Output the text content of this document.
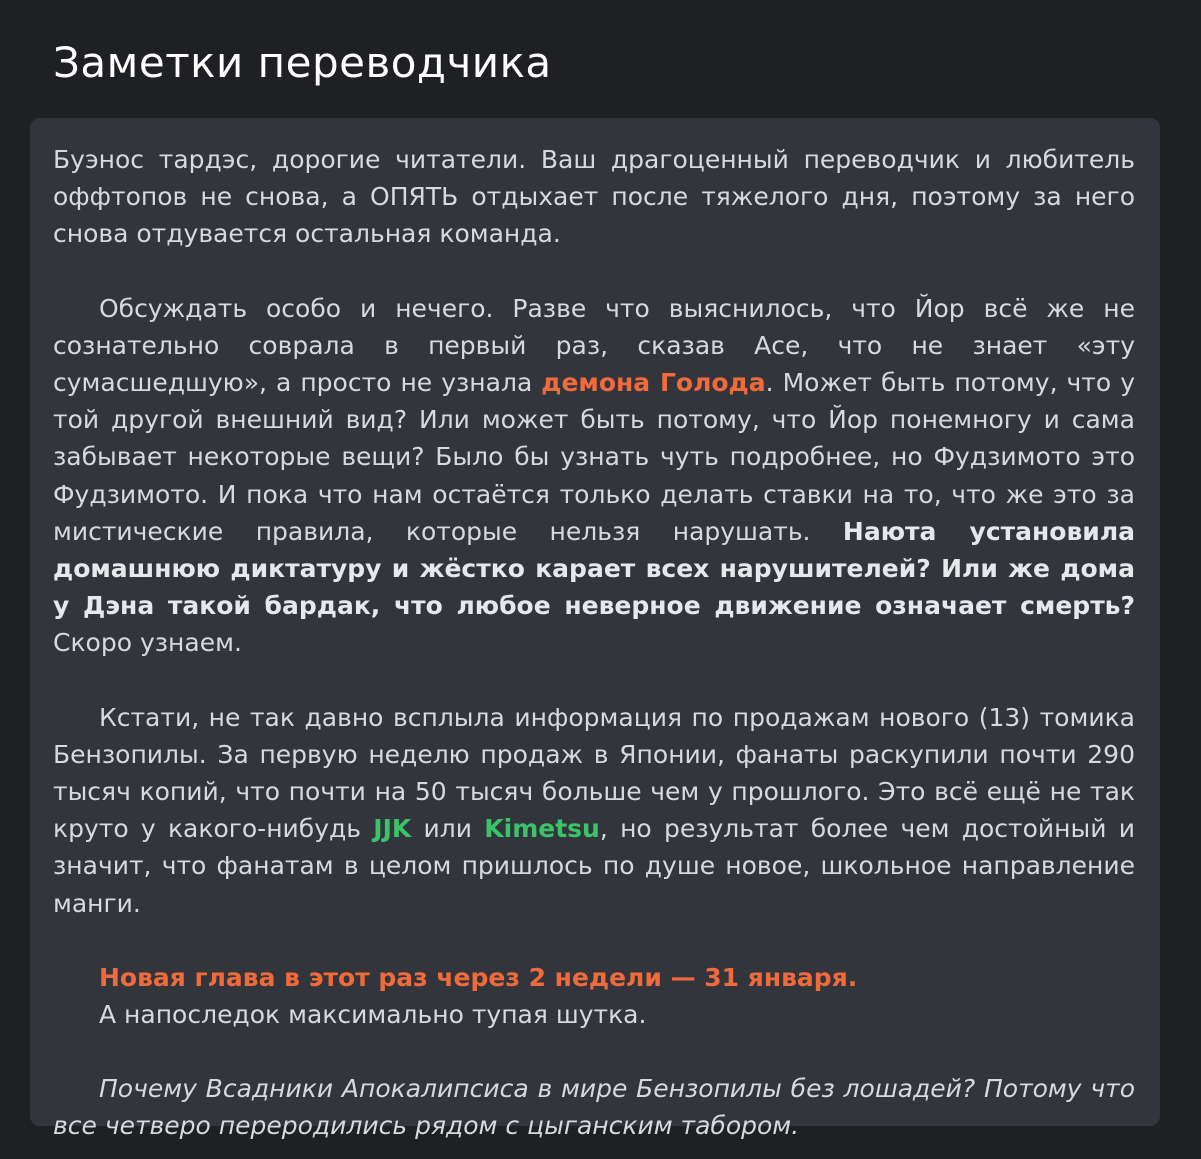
Заметки переводчика

Буэнос тардэс, дорогие читатели. Ваш драгоценный переводчик и любитель оффтопов не снова, а ОПЯТЬ отдыхает после тяжелого дня, поэтому за него снова отдувается остальная команда.

Обсуждать особо и нечего. Разве что выяснилось, что Йор всё же не сознательно соврала в первый раз, сказав Асе, что не знает «эту сумасшедшую», а просто не узнала демона Голода. Может быть потому, что у той другой внешний вид? Или может быть потому, что Йор понемногу и сама забывает некоторые вещи? Было бы узнать чуть подробнее, но Фудзимото это Фудзимото. И пока что нам остаётся только делать ставки на то, что же это за мистические правила, которые нельзя нарушать. Наюта установила домашнюю диктатуру и жёстко карает всех нарушителей? Или же дома у Дэна такой бардак, что любое неверное движение означает смерть? Скоро узнаем.

Кстати, не так давно всплыла информация по продажам нового (13) томика Бензопилы. За первую неделю продаж в Японии, фанаты раскупили почти 290 тысяч копий, что почти на 50 тысяч больше чем у прошлого. Это всё ещё не так круто у какого-нибудь JJK или Kimetsu, но результат более чем достойный и значит, что фанатам в целом пришлось по душе новое, школьное направление манги.

Новая глава в этот раз через 2 недели — 31 января.

А напоследок максимально тупая шутка.

Почему Всадники Апокалипсиса в мире Бензопилы без лошадей? Потому что все четверо переродились рядом с цыганским табором.
